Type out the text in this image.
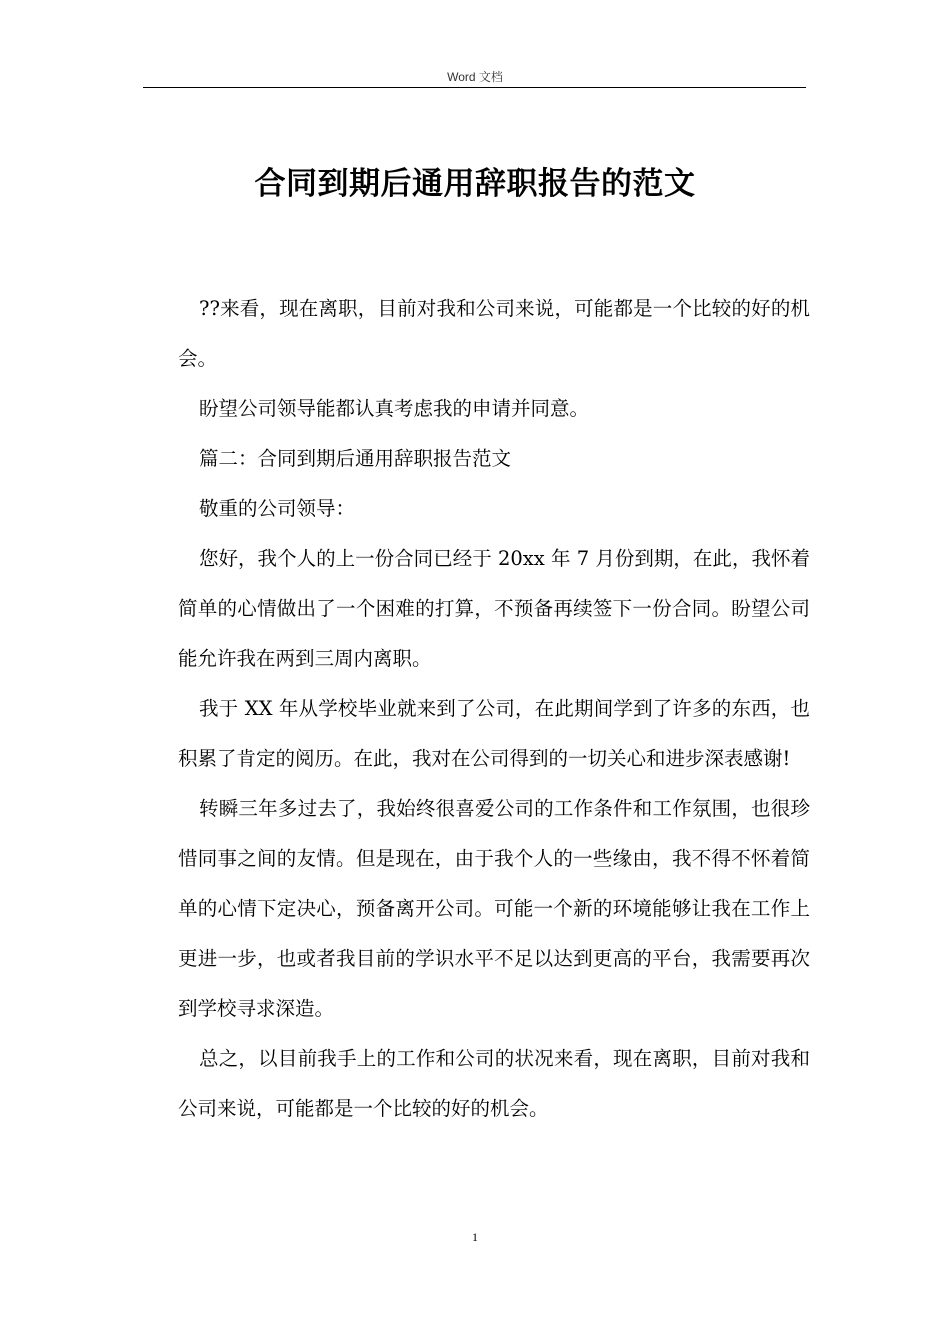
Word 文档
合同到期后通用辞职报告的范文

??来看，现在离职，目前对我和公司来说，可能都是一个比较的好的机会。

盼望公司领导能都认真考虑我的申请并同意。

篇二：合同到期后通用辞职报告范文

敬重的公司领导：

您好，我个人的上一份合同已经于 20xx 年 7 月份到期，在此，我怀着简单的心情做出了一个困难的打算，不预备再续签下一份合同。盼望公司能允许我在两到三周内离职。

我于 XX 年从学校毕业就来到了公司，在此期间学到了许多的东西，也积累了肯定的阅历。在此，我对在公司得到的一切关心和进步深表感谢!

转瞬三年多过去了，我始终很喜爱公司的工作条件和工作氛围，也很珍惜同事之间的友情。但是现在，由于我个人的一些缘由，我不得不怀着简单的心情下定决心，预备离开公司。可能一个新的环境能够让我在工作上更进一步，也或者我目前的学识水平不足以达到更高的平台，我需要再次到学校寻求深造。

总之，以目前我手上的工作和公司的状况来看，现在离职，目前对我和公司来说，可能都是一个比较的好的机会。

1
